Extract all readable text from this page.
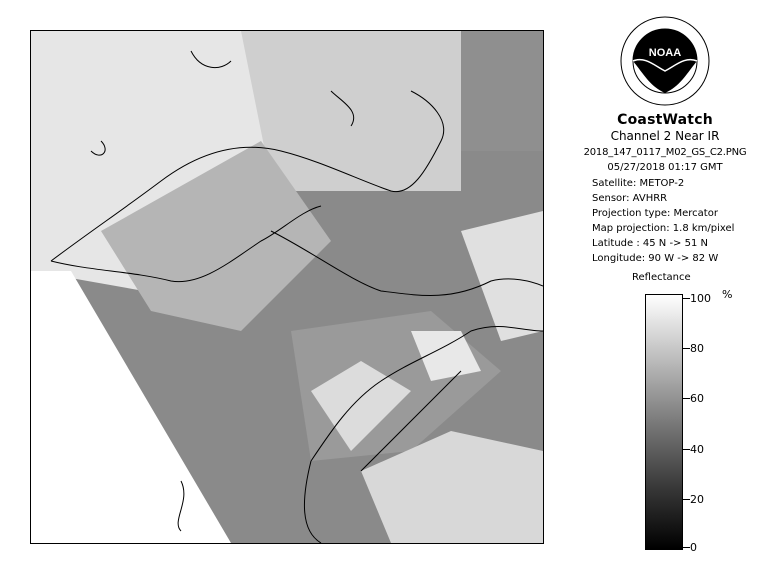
NOAA
CoastWatch
Channel 2 Near IR
2018_147_0117_M02_GS_C2.PNG
05/27/2018 01:17 GMT
Satellite: METOP-2
Sensor: AVHRR
Projection type: Mercator
Map projection: 1.8 km/pixel
Latitude : 45 N -> 51 N
Longitude: 90 W -> 82 W
Reflectance
100 %
80
60
40
20
0
